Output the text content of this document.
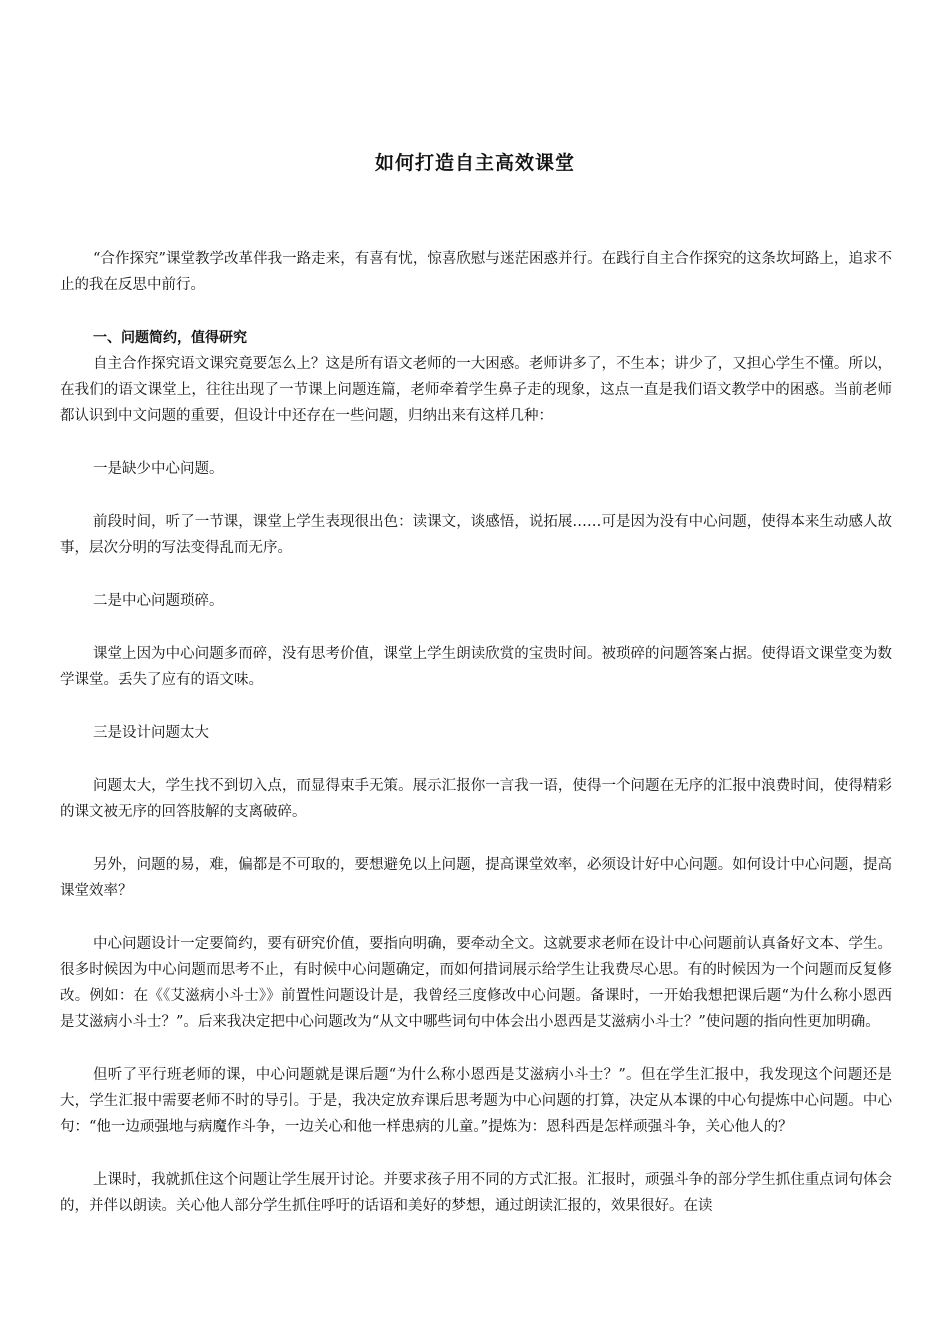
如何打造自主高效课堂

“合作探究”课堂教学改革伴我一路走来，有喜有忧，惊喜欣慰与迷茫困惑并行。在践行自主合作探究的这条坎坷路上，追求不止的我在反思中前行。

一、问题简约，值得研究

自主合作探究语文课究竟要怎么上？这是所有语文老师的一大困惑。老师讲多了，不生本；讲少了，又担心学生不懂。所以，在我们的语文课堂上，往往出现了一节课上问题连篇，老师牵着学生鼻子走的现象，这点一直是我们语文教学中的困惑。当前老师都认识到中文问题的重要，但设计中还存在一些问题，归纳出来有这样几种：

一是缺少中心问题。

前段时间，听了一节课，课堂上学生表现很出色：读课文，谈感悟，说拓展……可是因为没有中心问题，使得本来生动感人故事，层次分明的写法变得乱而无序。

二是中心问题琐碎。

课堂上因为中心问题多而碎，没有思考价值，课堂上学生朗读欣赏的宝贵时间。被琐碎的问题答案占据。使得语文课堂变为数学课堂。丢失了应有的语文味。

三是设计问题太大

问题太大，学生找不到切入点，而显得束手无策。展示汇报你一言我一语，使得一个问题在无序的汇报中浪费时间，使得精彩的课文被无序的回答肢解的支离破碎。

另外，问题的易，难，偏都是不可取的，要想避免以上问题，提高课堂效率，必须设计好中心问题。如何设计中心问题，提高课堂效率？

中心问题设计一定要简约，要有研究价值，要指向明确，要牵动全文。这就要求老师在设计中心问题前认真备好文本、学生。很多时候因为中心问题而思考不止，有时候中心问题确定，而如何措词展示给学生让我费尽心思。有的时候因为一个问题而反复修改。例如：在《《艾滋病小斗士》》前置性问题设计是，我曾经三度修改中心问题。备课时，一开始我想把课后题“为什么称小恩西是艾滋病小斗士？”。后来我决定把中心问题改为“从文中哪些词句中体会出小恩西是艾滋病小斗士？”使问题的指向性更加明确。

但听了平行班老师的课，中心问题就是课后题“为什么称小恩西是艾滋病小斗士？”。但在学生汇报中，我发现这个问题还是大，学生汇报中需要老师不时的导引。于是，我决定放弃课后思考题为中心问题的打算，决定从本课的中心句提炼中心问题。中心句：“他一边顽强地与病魔作斗争，一边关心和他一样患病的儿童。”提炼为：恩科西是怎样顽强斗争，关心他人的？

上课时，我就抓住这个问题让学生展开讨论。并要求孩子用不同的方式汇报。汇报时，顽强斗争的部分学生抓住重点词句体会的，并伴以朗读。关心他人部分学生抓住呼吁的话语和美好的梦想，通过朗读汇报的，效果很好。在读
